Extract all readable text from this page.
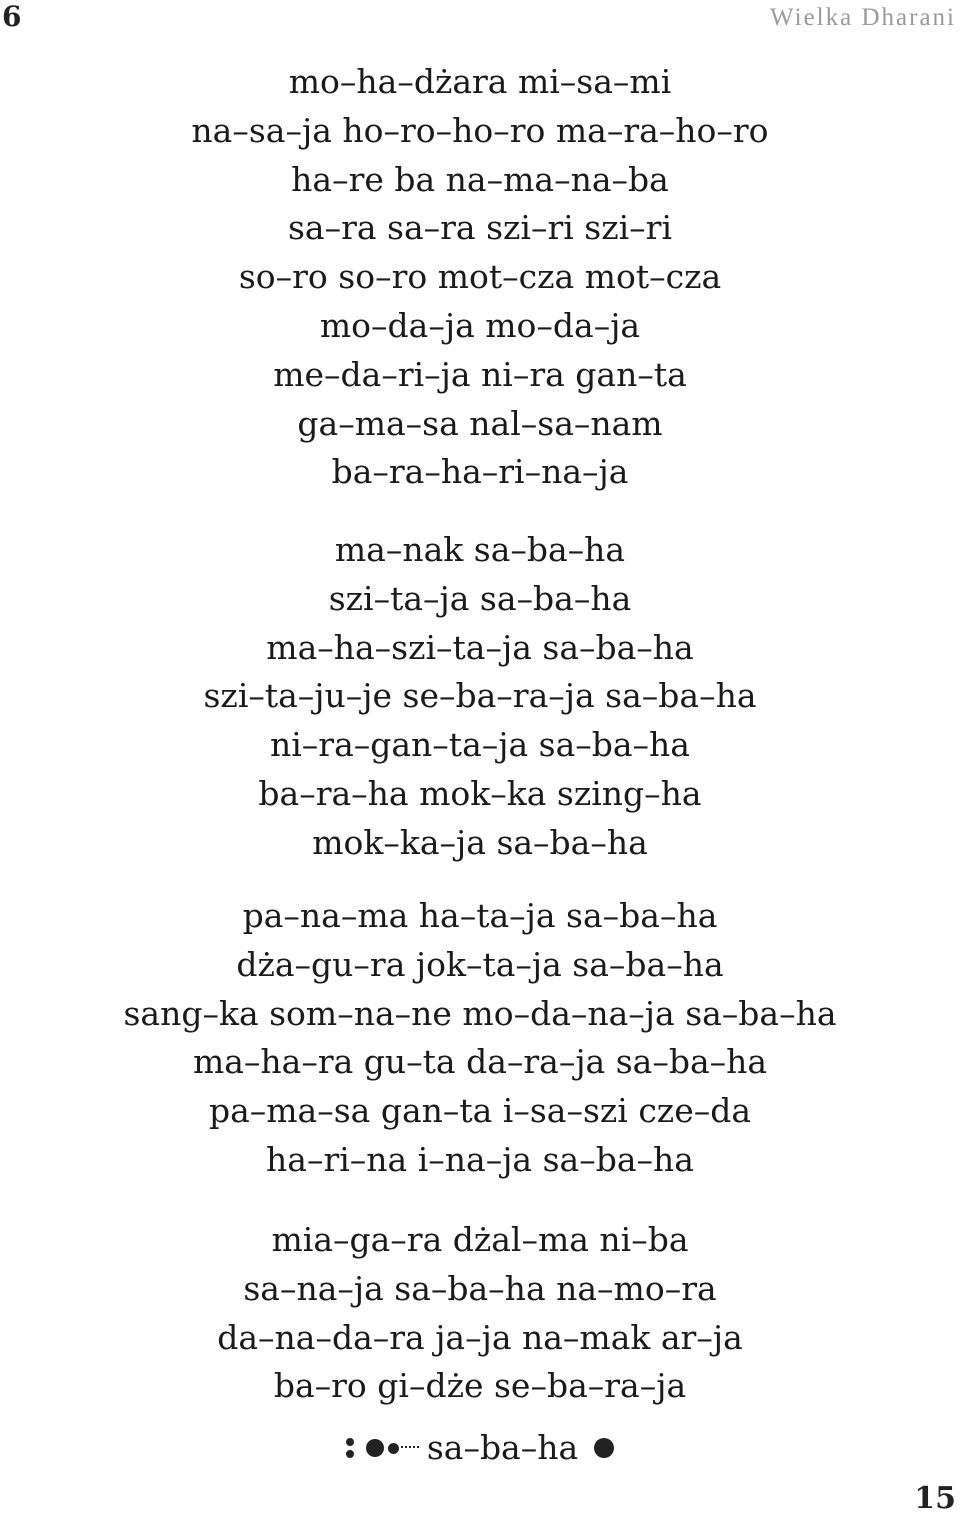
6	Wielka Dharani
mo–ha–dżara mi–sa–mi
na–sa–ja ho–ro–ho–ro ma–ra–ho–ro
ha–re ba na–ma–na–ba
sa–ra sa–ra szi–ri szi–ri
so–ro so–ro mot–cza mot–cza
mo–da–ja mo–da–ja
me–da–ri–ja ni–ra gan–ta
ga–ma–sa nal–sa–nam
ba–ra–ha–ri–na–ja
ma–nak sa–ba–ha
szi–ta–ja sa–ba–ha
ma–ha–szi–ta–ja sa–ba–ha
szi–ta–ju–je se–ba–ra–ja sa–ba–ha
ni–ra–gan–ta–ja sa–ba–ha
ba–ra–ha mok–ka szing–ha
mok–ka–ja sa–ba–ha
pa–na–ma ha–ta–ja sa–ba–ha
dża–gu–ra jok–ta–ja sa–ba–ha
sang–ka som–na–ne mo–da–na–ja sa–ba–ha
ma–ha–ra gu–ta da–ra–ja sa–ba–ha
pa–ma–sa gan–ta i–sa–szi cze–da
ha–ri–na i–na–ja sa–ba–ha
mia–ga–ra dżal–ma ni–ba
sa–na–ja sa–ba–ha na–mo–ra
da–na–da–ra ja–ja na–mak ar–ja
ba–ro gi–dże se–ba–ra–ja
sa–ba–ha
15
